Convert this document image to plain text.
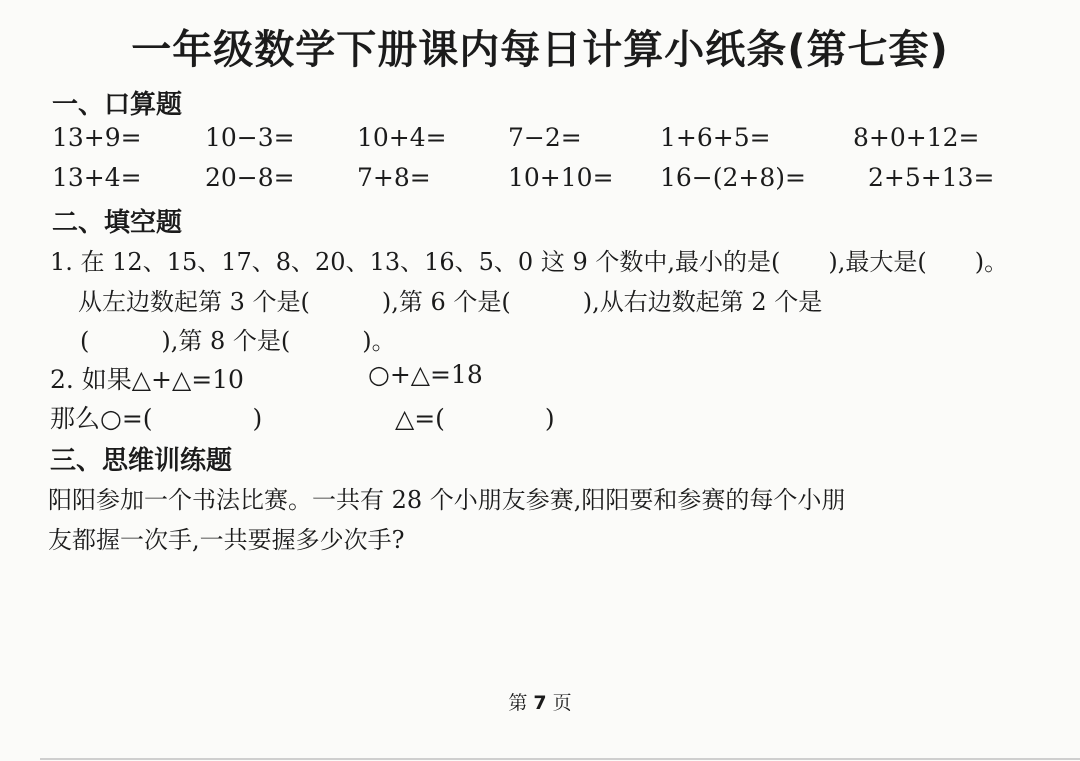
一年级数学下册课内每日计算小纸条(第七套)
一、口算题
13+9=	10−3= 10+4= 7−2=	1+6+5=	8+0+12=
13+4=	20−8= 7+8=	10+10= 16−(2+8)= 2+5+13=
二、填空题
1. 在 12、15、17、8、20、13、16、5、0 这 9 个数中,最小的是(　　),最大是(　　)。
从左边数起第 3 个是(　　　),第 6 个是(　　　),从右边数起第 2 个是
(　　　),第 8 个是(　　　)。
2. 如果△+△=10	○+△=18
那么○=(　　　　)	△=(　　　　)
三、思维训练题
阳阳参加一个书法比赛。一共有 28 个小朋友参赛,阳阳要和参赛的每个小朋
友都握一次手,一共要握多少次手?
第 7 页
